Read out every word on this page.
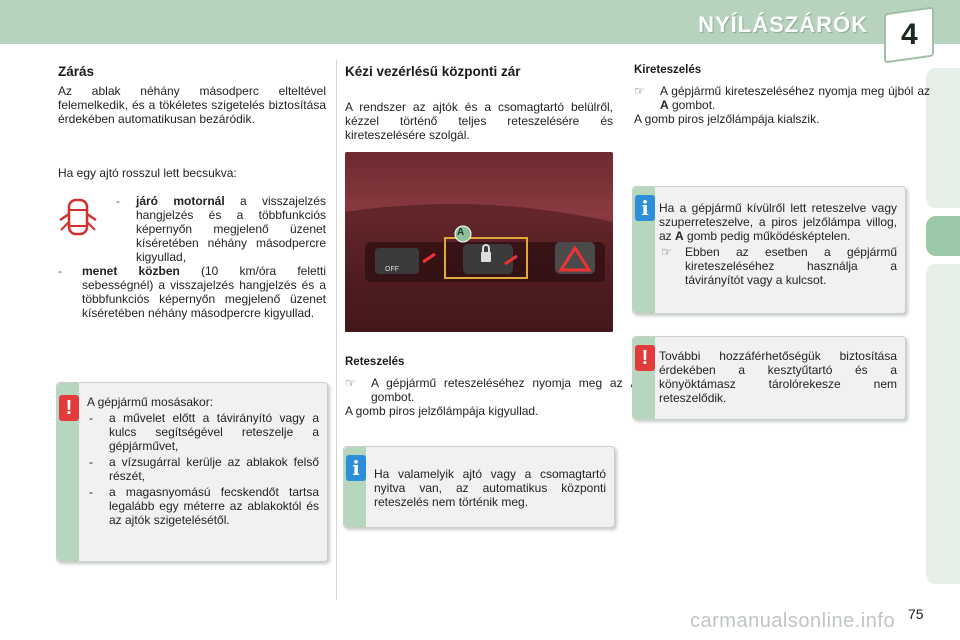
NYÍLÁSZÁRÓK 4
Zárás

Az ablak néhány másodperc elteltével felemelkedik, és a tökéletes szigetelés biztosítása érdekében automatikusan bezáródik.

Ha egy ajtó rosszul lett becsukva:

- járó motornál a visszajelzés hangjelzés és a többfunkciós képernyőn megjelenő üzenet kíséretében néhány másodpercre kigyullad,
- menet közben (10 km/óra feletti sebességnél) a visszajelzés hangjelzés és a többfunkciós képernyőn megjelenő üzenet kíséretében néhány másodpercre kigyullad.
!	A gépjármű mosásakor:
- a művelet előtt a távirányító vagy a kulcs segítségével reteszelje a gépjárművet,
- a vízsugárral kerülje az ablakok felső részét,
- a magasnyomású fecskendőt tartsa legalább egy méterre az ablakoktól és az ajtók szigetelésétől.
Kézi vezérlésű központi zár

A rendszer az ajtók és a csomagtartó belülről, kézzel történő teljes reteszelésére és kireteszelésére szolgál.

A
OFF
Reteszelés
☞ A gépjármű reteszeléséhez nyomja meg az gombot.

A gomb piros jelzőlámpája kigyullad.

i	Ha valamelyik ajtó vagy a csomagtartó nyitva van, az automatikus központi reteszelés nem történik meg.
Kireteszelés
☞ A gépjármű kireteszeléséhez nyomja meg újból az A gombot.

A gomb piros jelzőlámpája kialszik.

i Ha a gépjármű kívülről lett reteszelve vagy szuperreteszelve, a piros jelzőlámpa villog, az A gomb pedig működésképtelen.
☞ Ebben az esetben a gépjármű kireteszeléséhez használja a távirányítót vagy a kulcsot.
! További hozzáférhetőségük biztosítása érdekében a kesztyűtartó és a könyöktámasz tárolórekesze nem reteszelődik.
carmanualsonline.info 75
